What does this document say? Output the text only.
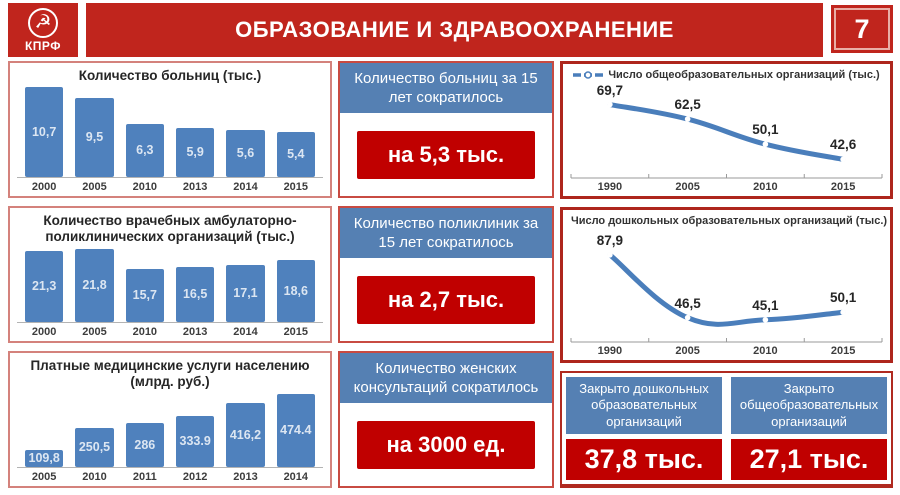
☭
КПРФ
ОБРАЗОВАНИЕ И ЗДРАВООХРАНЕНИЕ	7
Количество больниц (тыс.)
10,7 9,5
6,3	5,9	5,6	5,4
2000	2005	2010	2013	2014	2015
Количество врачебных амбулаторно-поликлинических организаций (тыс.)
21,3 21,8
15,7 16,5 17,1 18,6
2000	2005	2010	2013	2014	2015
Платные медицинские услуги населению (млрд. руб.)
109,8
250,5 286 333.9 416,2 474.4
2005	2010	2011	2012	2013	2014
Количество больниц за 15 лет сократилось
на 5,3 тыс.
Количество поликлиник за 15 лет сократилось
на 2,7 тыс.
Количество женских консультаций сократилось
на 3000 ед.
Число общеобразовательных организаций (тыс.)
69,7
62,5
50,1
42,6
1990	2005	2010	2015
Число дошкольных образовательных организаций (тыс.)
87,9
46,5	45,1
50,1
1990	2005	2010	2015
Закрыто дошкольных образовательных организаций
37,8 тыс.
Закрыто общеобразовательных организаций
27,1 тыс.
